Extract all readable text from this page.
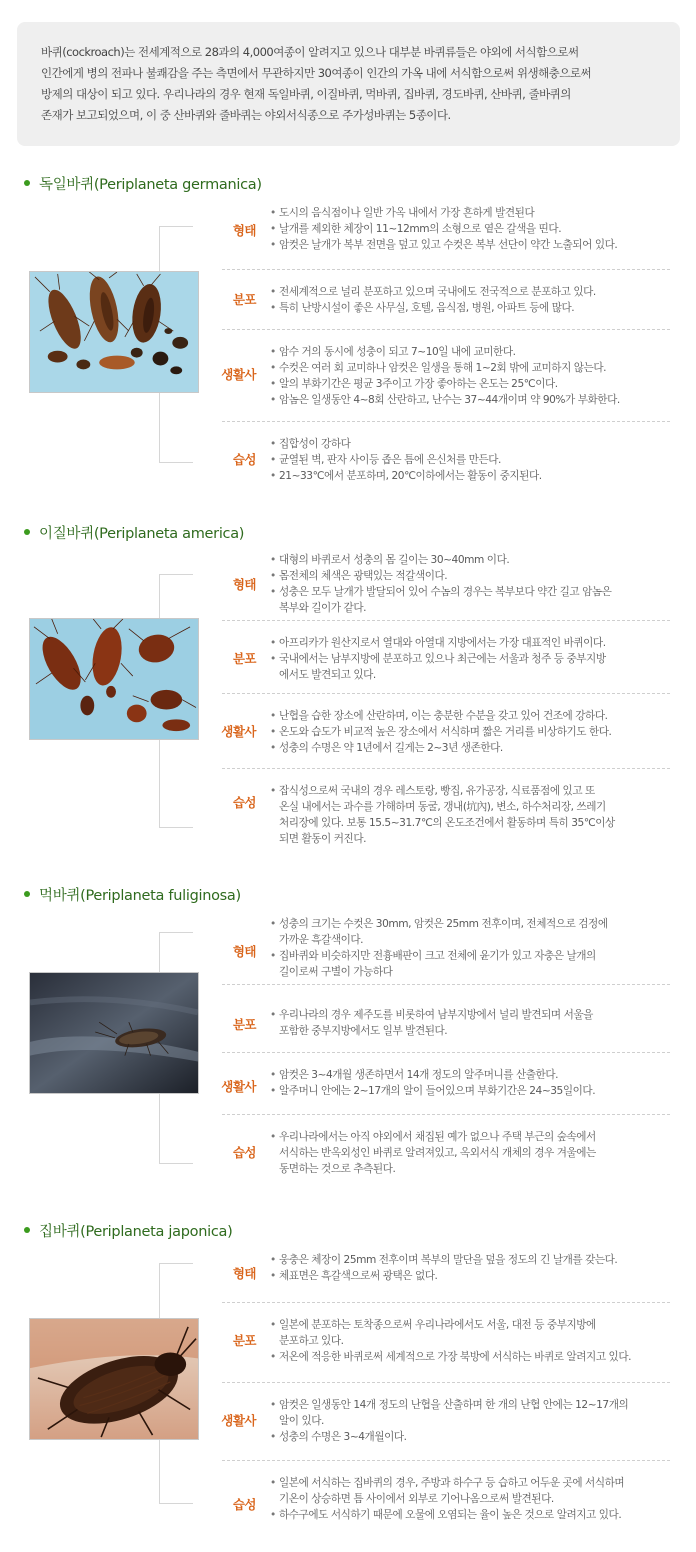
바퀴(cockroach)는 전세계적으로 28과의 4,000여종이 알려지고 있으나 대부분 바퀴류들은 야외에 서식함으로써

인간에게 병의 전파나 불쾌감을 주는 측면에서 무관하지만 30여종이 인간의 가옥 내에 서식함으로써 위생해충으로써

방제의 대상이 되고 있다. 우리나라의 경우 현재 독일바퀴, 이질바퀴, 먹바퀴, 집바퀴, 경도바퀴, 산바퀴, 줄바퀴의

존재가 보고되었으며, 이 중 산바퀴와 줄바퀴는 야외서식종으로 주가성바퀴는 5종이다.

독일바퀴(Periplaneta germanica)
형태
• 도시의 음식점이나 일반 가옥 내에서 가장 흔하게 발견된다
• 날개를 제외한 체장이 11~12mm의 소형으로 옅은 갈색을 띤다.
• 암컷은 날개가 복부 전면을 덮고 있고 수컷은 복부 선단이 약간 노출되어 있다.
분포
•	전세계적으로 널리 분포하고 있으며 국내에도 전국적으로 분포하고 있다.
• 특히 난방시설이 좋은 사무실, 호텔, 음식점, 병원, 아파트 등에 많다.
생활사
• 암수 거의 동시에 성충이 되고 7~10일 내에 교미한다.
• 수컷은 여러 회 교미하나 암컷은 일생을 통해 1~2회 밖에 교미하지 않는다.
• 알의 부화기간은 평균 3주이고 가장 좋아하는 온도는 25℃이다.
• 암놈은 일생동안 4~8회 산란하고, 난수는 37~44개이며 약 90%가 부화한다.
습성
• 집합성이 강하다
• 균열된 벽, 판자 사이등 좁은 틈에 은신처를 만든다.
• 21~33℃에서 분포하며, 20℃이하에서는 활동이 중지된다.
이질바퀴(Periplaneta america)
형태
• 대형의 바퀴로서 성충의 몸 길이는 30~40mm 이다.
• 몸전체의 체색은 광택있는 적갈색이다.
• 성충은 모두 날개가 발달되어 있어 수놈의 경우는 복부보다 약간 길고 암놈은
복부와 길이가 같다.
분포
• 아프리카가 원산지로서 열대와 아열대 지방에서는 가장 대표적인 바퀴이다.
• 국내에서는 남부지방에 분포하고 있으나 최근에는 서울과 청주 등 중부지방
에서도 발견되고 있다.
생활사
• 난협을 습한 장소에 산란하며, 이는 충분한 수분을 갖고 있어 건조에 강하다.
• 온도와 습도가 비교적 높은 장소에서 서식하며 짧은 거리를 비상하기도 한다.
• 성충의 수명은 약 1년에서 길게는 2~3년 생존한다.
습성
• 잡식성으로써 국내의 경우 레스토랑, 빵집, 유가공장, 식료품점에 있고 또
온실 내에서는 과수를 가해하며 동굴, 갱내(坑內), 변소, 하수처리장, 쓰레기
처리장에 있다. 보통 15.5~31.7℃의 온도조건에서 활동하며 특히 35℃이상
되면 활동이 커진다.
먹바퀴(Periplaneta fuliginosa)
형태
• 성충의 크기는 수컷은 30mm, 암컷은 25mm 전후이며, 전체적으로 검정에
가까운 흑갈색이다.
• 집바퀴와 비슷하지만 전흉배판이 크고 전체에 윤기가 있고 자충은 날개의
길이로써 구별이 가능하다
분포
• 우리나라의 경우 제주도를 비롯하여 남부지방에서 널리 발견되며 서울을
포함한 중부지방에서도 일부 발견된다.
생활사
• 암컷은 3~4개월 생존하면서 14개 정도의 알주머니를 산출한다.
• 알주머니 안에는 2~17개의 알이 들어있으며 부화기간은 24~35일이다.
습성
• 우리나라에서는 아직 야외에서 채집된 예가 없으나 주택 부근의 숲속에서
서식하는 반옥외성인 바퀴로 알려져있고, 옥외서식 개체의 경우 겨울에는
동면하는 것으로 추측된다.
집바퀴(Periplaneta japonica)
형태
• 웅충은 체장이 25mm 전후이며 복부의 말단을 덮을 정도의 긴 날개를 갖는다.
• 체표면은 흑갈색으로써 광택은 없다.
분포
• 일본에 분포하는 토착종으로써 우리나라에서도 서울, 대전 등 중부지방에
분포하고 있다.
• 저온에 적응한 바퀴로써 세계적으로 가장 북방에 서식하는 바퀴로 알려지고 있다.
생활사
• 암컷은 일생동안 14개 정도의 난협을 산출하며 한 개의 난협 안에는 12~17개의
알이 있다.
• 성충의 수명은 3~4개월이다.
습성
• 일본에 서식하는 집바퀴의 경우, 주방과 하수구 등 습하고 어두운 곳에 서식하며
기온이 상승하면 틈 사이에서 외부로 기어나옴으로써 발견된다.
• 하수구에도 서식하기 때문에 오물에 오염되는 율이 높은 것으로 알려지고 있다.
